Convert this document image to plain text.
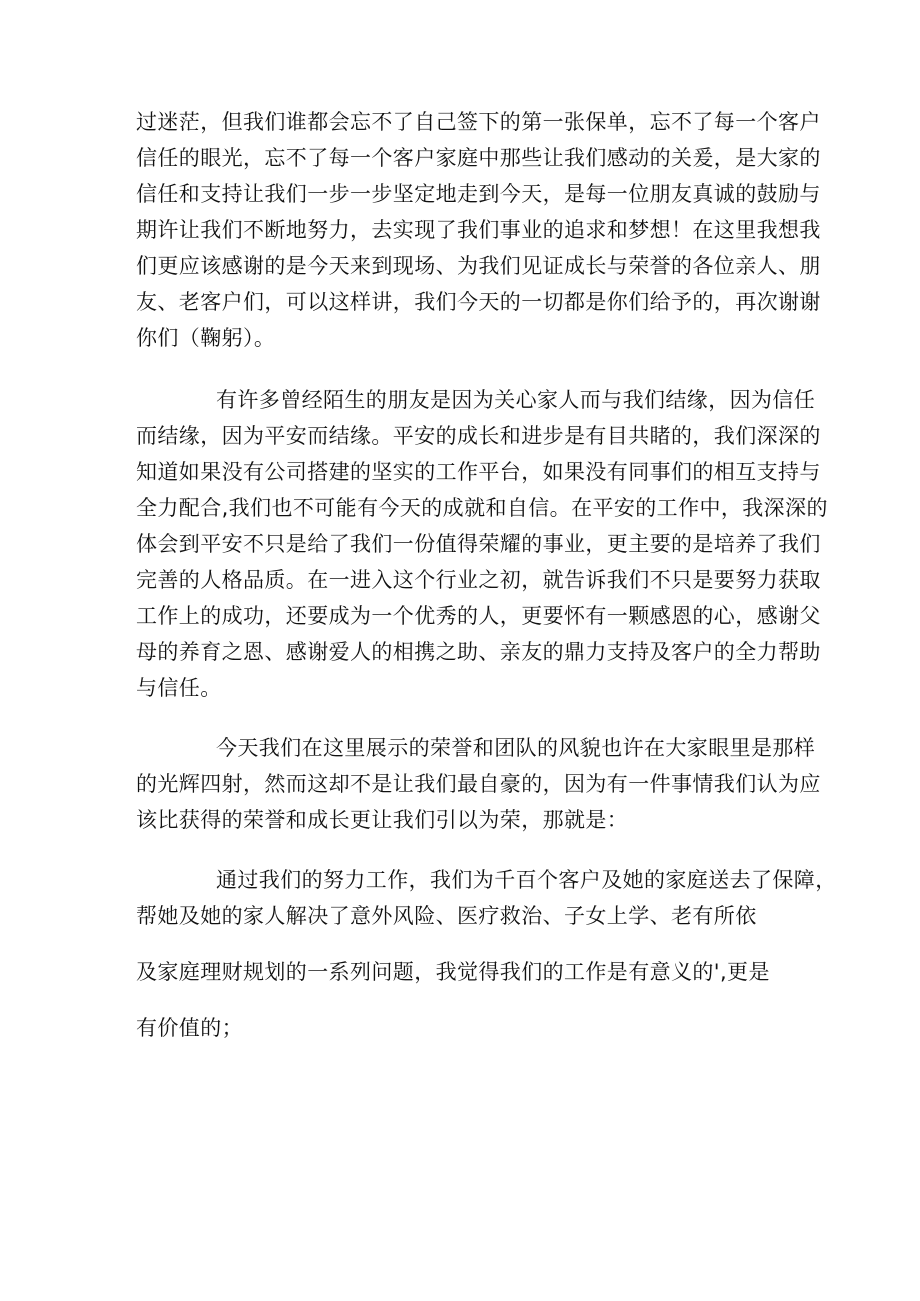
过迷茫，但我们谁都会忘不了自己签下的第一张保单，忘不了每一个客户
信任的眼光，忘不了每一个客户家庭中那些让我们感动的关爰，是大家的
信任和支持让我们一步一步坚定地走到今天，是每一位朋友真诚的鼓励与
期许让我们不断地努力，去实现了我们事业的追求和梦想！在这里我想我
们更应该感谢的是今天来到现场、为我们见证成长与荣誉的各位亲人、朋
友、老客户们，可以这样讲，我们今天的一切都是你们给予的，再次谢谢
你们（鞠躬）。
有许多曾经陌生的朋友是因为关心家人而与我们结缘，因为信任
而结缘，因为平安而结缘。平安的成长和进步是有目共睹的，我们深深的
知道如果没有公司搭建的坚实的工作平台，如果没有同事们的相互支持与
全力配合,我们也不可能有今天的成就和自信。在平安的工作中，我深深的
体会到平安不只是给了我们一份值得荣耀的事业，更主要的是培养了我们
完善的人格品质。在一进入这个行业之初，就告诉我们不只是要努力获取
工作上的成功，还要成为一个优秀的人，更要怀有一颗感恩的心，感谢父
母的养育之恩、感谢爱人的相携之助、亲友的鼎力支持及客户的全力帮助
与信任。
今天我们在这里展示的荣誉和团队的风貌也许在大家眼里是那样
的光辉四射，然而这却不是让我们最自豪的，因为有一件事情我们认为应
该比获得的荣誉和成长更让我们引以为荣，那就是：
通过我们的努力工作，我们为千百个客户及她的家庭送去了保障，
帮她及她的家人解决了意外风险、医疗救治、子女上学、老有所依
及家庭理财规划的一系列问题，我觉得我们的工作是有意义的',更是
有价值的；
